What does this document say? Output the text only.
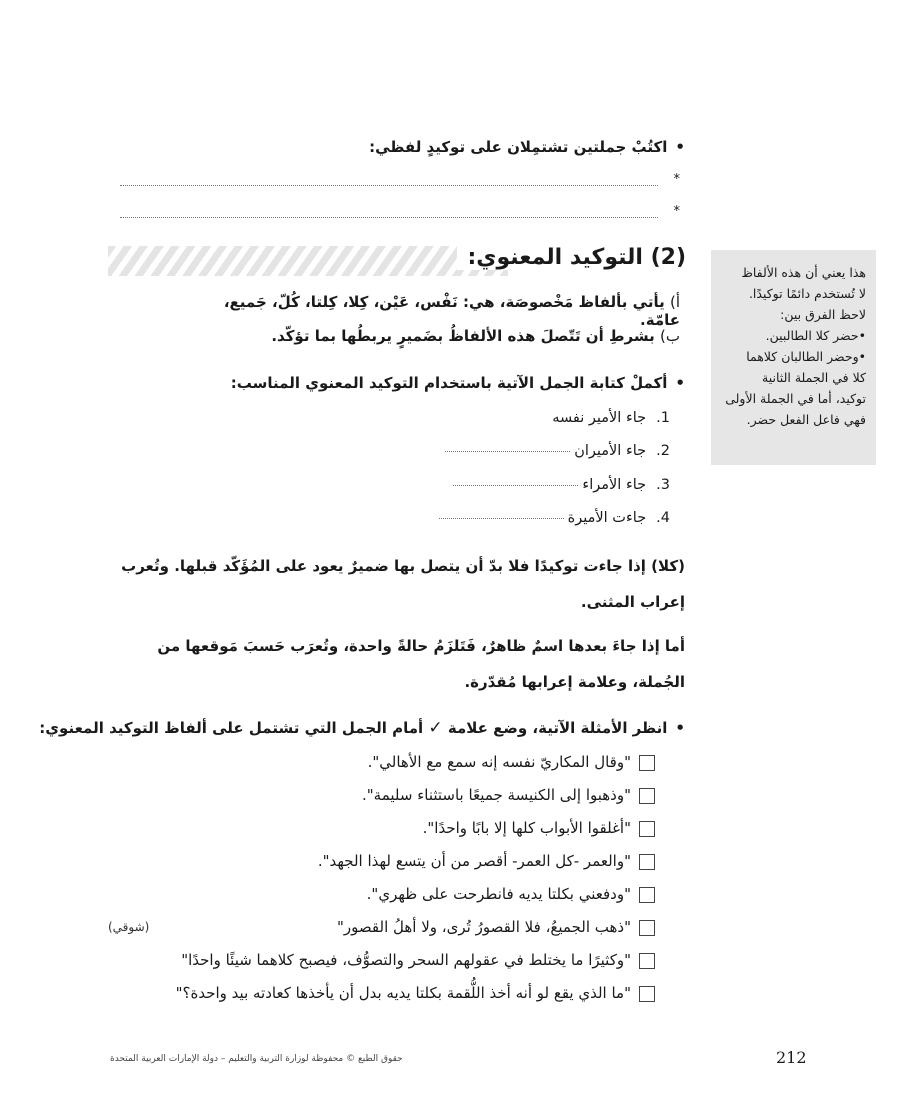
•اكتُبْ جملتين تشتمِلان على توكيدٍ لفظي:
*
*
(2) التوكيد المعنوي:
أ) يأتي بألفاظ مَخْصوصَة، هي: نَفْس، عَيْن، كِلا، كِلتا، كُلّ، جَميع، عامّة.
ب) بشرطِ أن تَتّصلَ هذه الألفاظُ بضَميرٍ يربطُها بما تؤكّد.
هذا يعني أن هذه الألفاظ
لا تُستخدم دائمًا توكيدًا.
لاحظ الفرق بين:
•حضر كلا الطالبين.
•وحضر الطالبان كلاهما
كلا في الجملة الثانية
توكيد، أما في الجملة الأولى
فهي فاعل الفعل حضر.
•أكملْ كتابة الجمل الآتية باستخدام التوكيد المعنوي المناسب:
1.جاء الأمير نفسه
2.جاء الأميران
3.جاء الأمراء
4.جاءت الأميرة
(كلا) إذا جاءت توكيدًا فلا بدّ أن يتصل بها ضميرٌ يعود على المُؤَكّد قبلها. وتُعرب إعراب المثنى.
أما إذا جاءَ بعدها اسمٌ ظاهرٌ، فَتَلزَمُ حالةً واحدة، وتُعرَب حَسبَ مَوقعها من الجُملة، وعلامة إعرابها مُقدّرة.
•انظر الأمثلة الآتية، وضع علامة ✓ أمام الجمل التي تشتمل على ألفاظ التوكيد المعنوي:
"وقال المكاريّ نفسه إنه سمع مع الأهالي".
"وذهبوا إلى الكنيسة جميعًا باستثناء سليمة".
"أغلقوا الأبواب كلها إلا بابًا واحدًا".
"والعمر -كل العمر- أقصر من أن يتسع لهذا الجهد".
"ودفعني بكلتا يديه فانطرحت على ظهري".
"ذهب الجميعُ، فلا القصورُ تُرى، ولا أهلُ القصور"
(شوقي)
"وكثيرًا ما يختلط في عقولهم السحر والتصوُّف، فيصبح كلاهما شيئًا واحدًا"
"ما الذي يقع لو أنه أخذ اللُّقمة بكلتا يديه بدل أن يأخذها كعادته بيد واحدة؟"
212
حقوق الطبع © محفوظة لوزارة التربية والتعليم – دولة الإمارات العربية المتحدة
